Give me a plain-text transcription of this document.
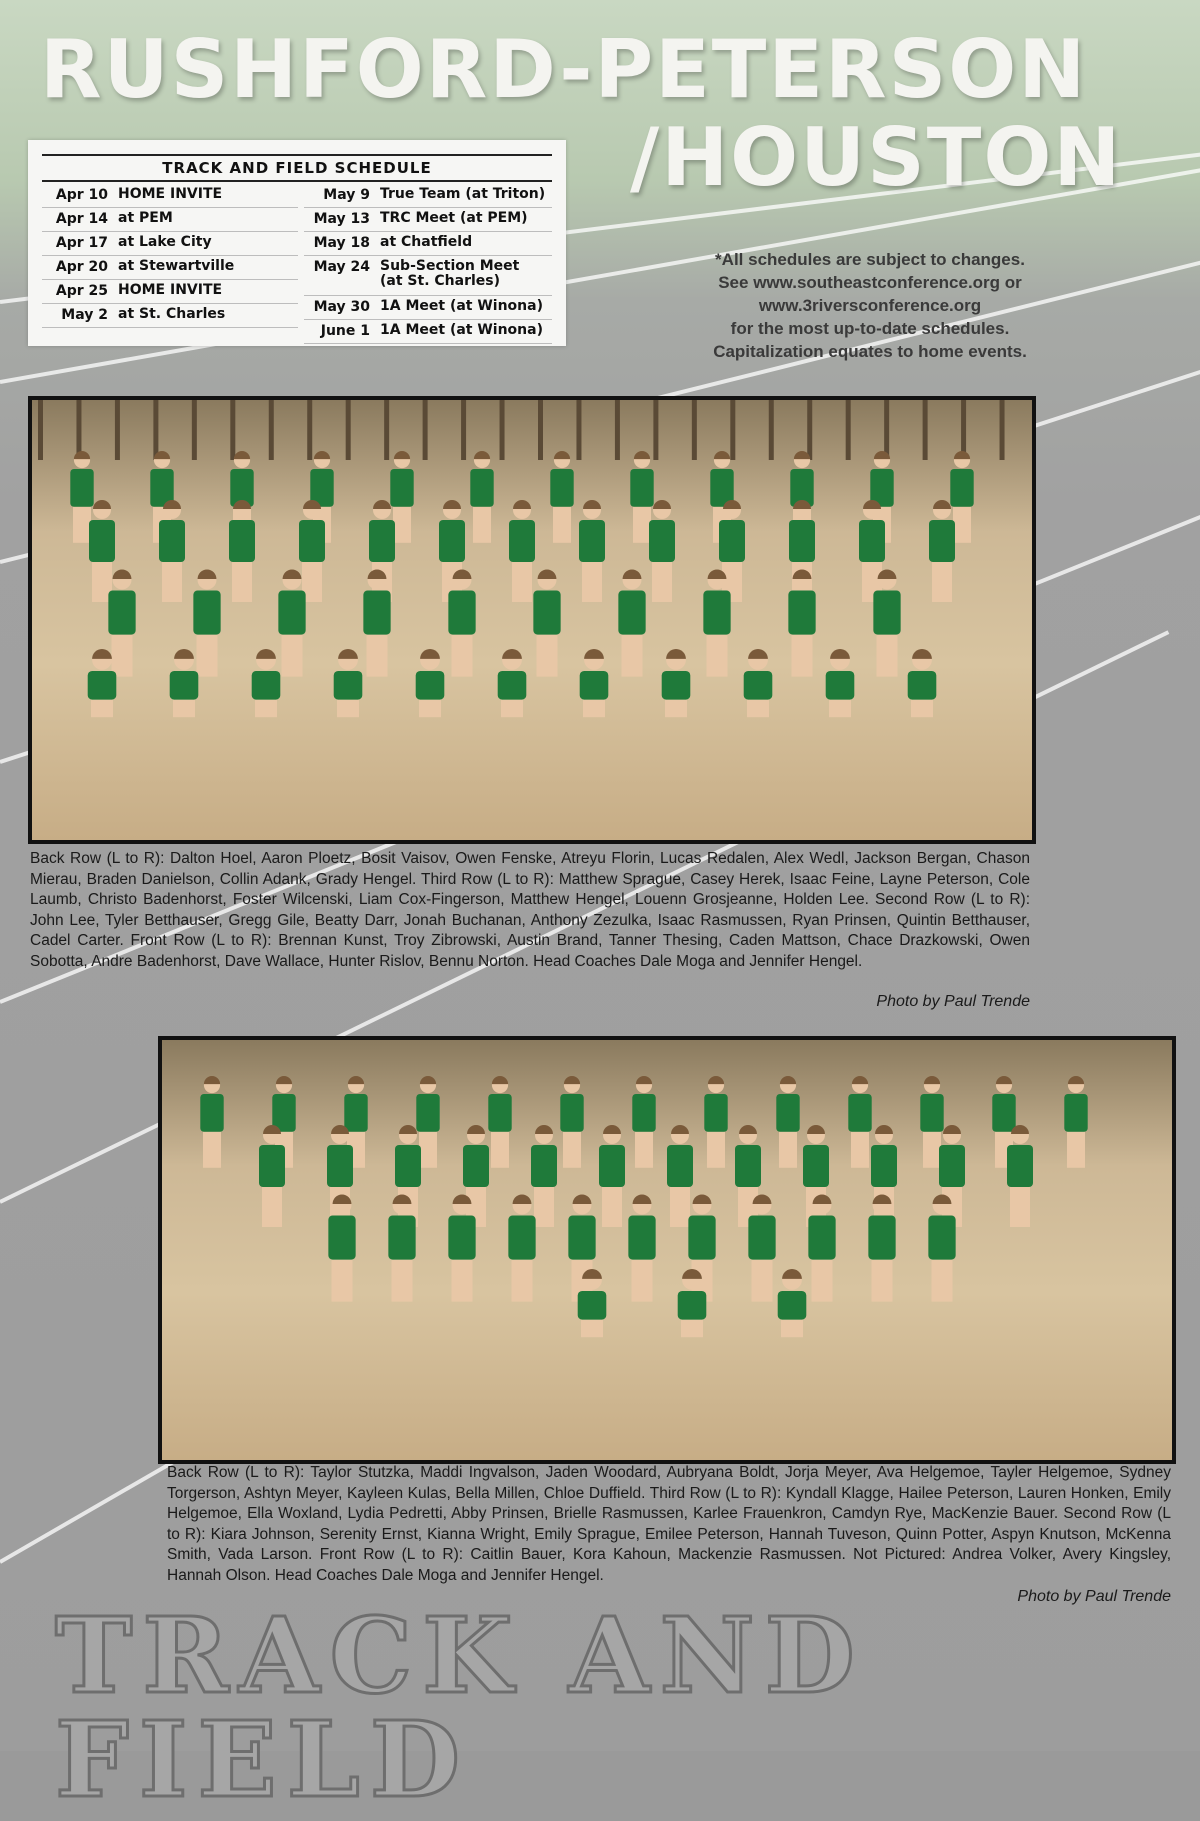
RUSHFORD-PETERSON
/HOUSTON
TRACK AND FIELD SCHEDULE
Apr 10 HOME INVITE
Apr 14 at PEM
Apr 17 at Lake City
Apr 20 at Stewartville
Apr 25 HOME INVITE
May 2 at St. Charles
May 9 True Team (at Triton)
May 13 TRC Meet (at PEM)
May 18 at Chatfield
May 24 Sub-Section Meet
(at St. Charles)
May 30 1A Meet (at Winona)
June 1 1A Meet (at Winona)
*All schedules are subject to changes.
See www.southeastconference.org or
www.3riversconference.org
for the most up-to-date schedules.
Capitalization equates to home events.
Back Row (L to R): Dalton Hoel, Aaron Ploetz, Bosit Vaisov, Owen Fenske, Atreyu Florin, Lucas Redalen, Alex Wedl, Jackson Bergan, Chason Mierau, Braden Danielson, Collin Adank, Grady Hengel. Third Row (L to R): Matthew Sprague, Casey Herek, Isaac Feine, Layne Peterson, Cole Laumb, Christo Badenhorst, Foster Wilcenski, Liam Cox-Fingerson, Matthew Hengel, Louenn Grosjeanne, Holden Lee. Second Row (L to R): John Lee, Tyler Betthauser, Gregg Gile, Beatty Darr, Jonah Buchanan, Anthony Zezulka, Isaac Rasmussen, Ryan Prinsen, Quintin Betthauser, Cadel Carter. Front Row (L to R): Brennan Kunst, Troy Zibrowski, Austin Brand, Tanner Thesing, Caden Mattson, Chace Drazkowski, Owen Sobotta, Andre Badenhorst, Dave Wallace, Hunter Rislov, Bennu Norton. Head Coaches Dale Moga and Jennifer Hengel.
Photo by Paul Trende
Back Row (L to R): Taylor Stutzka, Maddi Ingvalson, Jaden Woodard, Aubryana Boldt, Jorja Meyer, Ava Helgemoe, Tayler Helgemoe, Sydney Torgerson, Ashtyn Meyer, Kayleen Kulas, Bella Millen, Chloe Duffield. Third Row (L to R): Kyndall Klagge, Hailee Peterson, Lauren Honken, Emily Helgemoe, Ella Woxland, Lydia Pedretti, Abby Prinsen, Brielle Rasmussen, Karlee Frauenkron, Camdyn Rye, MacKenzie Bauer. Second Row (L to R): Kiara Johnson, Serenity Ernst, Kianna Wright, Emily Sprague, Emilee Peterson, Hannah Tuveson, Quinn Potter, Aspyn Knutson, McKenna Smith, Vada Larson. Front Row (L to R): Caitlin Bauer, Kora Kahoun, Mackenzie Rasmussen. Not Pictured: Andrea Volker, Avery Kingsley, Hannah Olson. Head Coaches Dale Moga and Jennifer Hengel.
Photo by Paul Trende
TRACK AND FIELD
